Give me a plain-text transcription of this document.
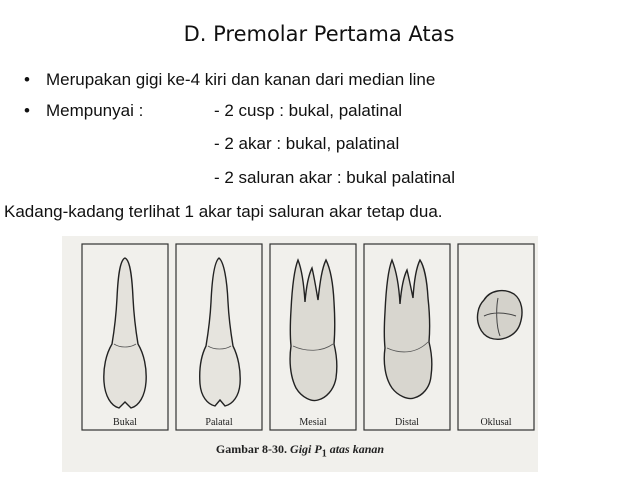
D. Premolar Pertama Atas
• Merupakan gigi ke-4 kiri dan kanan dari median line
• Mempunyai :	- 2 cusp : bukal, palatinal
- 2 akar : bukal, palatinal
- 2 saluran akar : bukal palatinal
Kadang-kadang terlihat 1 akar tapi saluran akar tetap dua.
Bukal	Palatal	Mesial	Distal	Oklusal
Gambar 8-30. Gigi $P_1$ atas kanan
